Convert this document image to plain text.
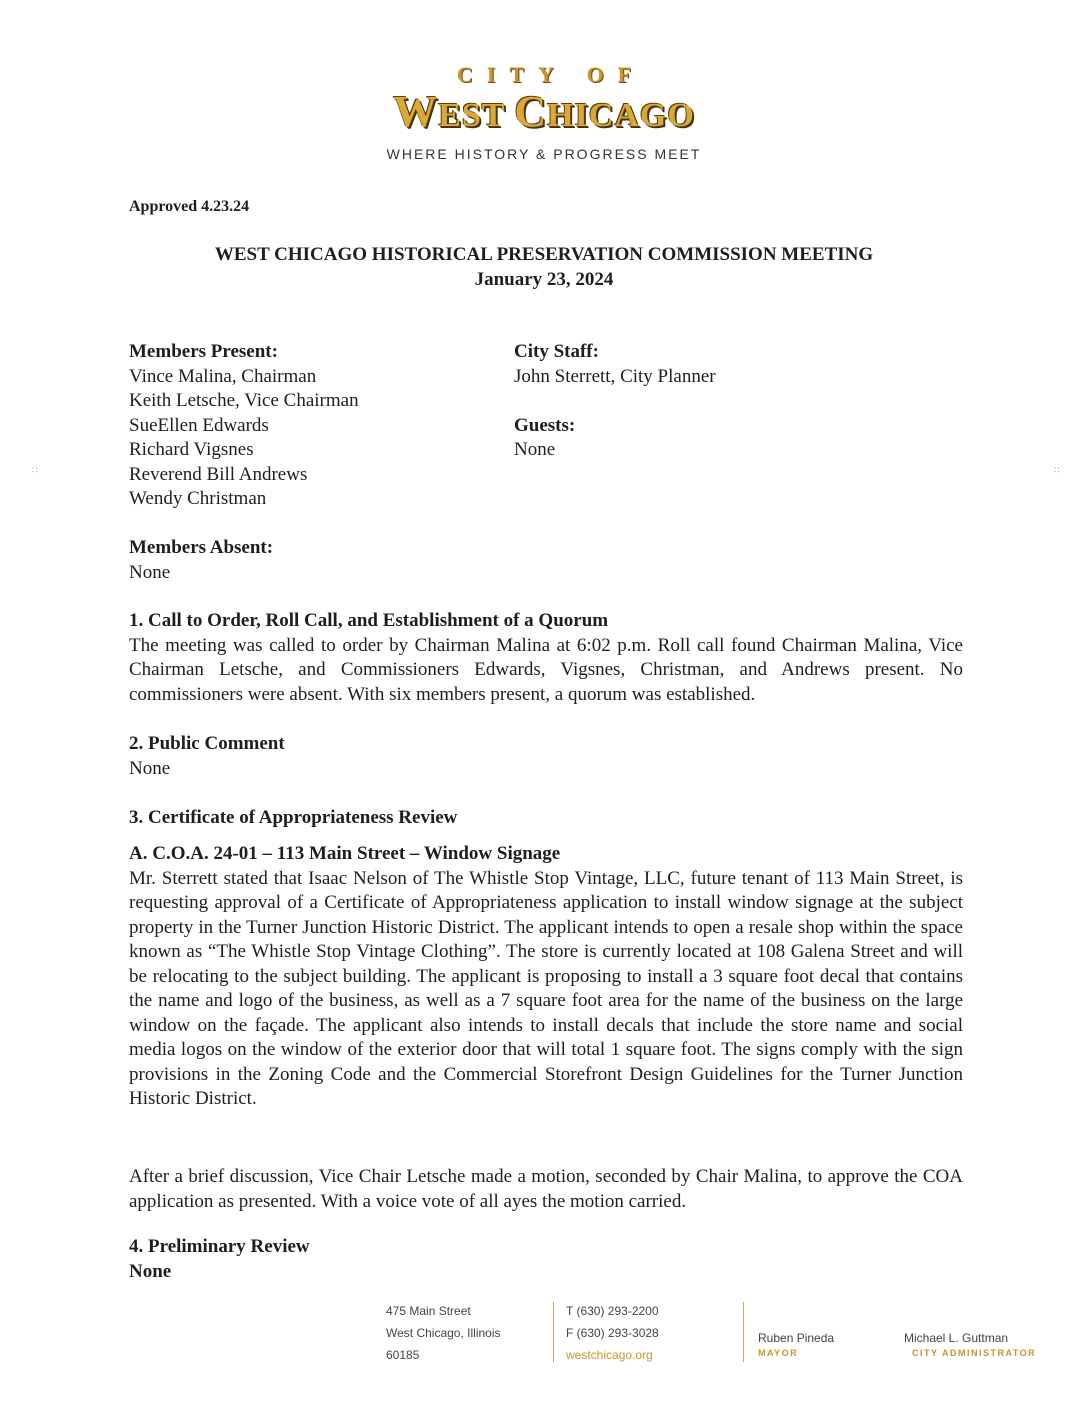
CITY OF
WEST CHICAGO
WHERE HISTORY & PROGRESS MEET
Approved 4.23.24
WEST CHICAGO HISTORICAL PRESERVATION COMMISSION MEETING
January 23, 2024
Members Present:
Vince Malina, Chairman
Keith Letsche, Vice Chairman
SueEllen Edwards
Richard Vigsnes
Reverend Bill Andrews
Wendy Christman
City Staff:
John Sterrett, City Planner
Guests:
None
Members Absent:
None
1. Call to Order, Roll Call, and Establishment of a Quorum
The meeting was called to order by Chairman Malina at 6:02 p.m. Roll call found Chairman Malina, Vice Chairman Letsche, and Commissioners Edwards, Vigsnes, Christman, and Andrews present. No commissioners were absent. With six members present, a quorum was established.
2. Public Comment
None
3. Certificate of Appropriateness Review
A. C.O.A. 24-01 – 113 Main Street – Window Signage
Mr. Sterrett stated that Isaac Nelson of The Whistle Stop Vintage, LLC, future tenant of 113 Main Street, is requesting approval of a Certificate of Appropriateness application to install window signage at the subject property in the Turner Junction Historic District. The applicant intends to open a resale shop within the space known as “The Whistle Stop Vintage Clothing”. The store is currently located at 108 Galena Street and will be relocating to the subject building. The applicant is proposing to install a 3 square foot decal that contains the name and logo of the business, as well as a 7 square foot area for the name of the business on the large window on the façade. The applicant also intends to install decals that include the store name and social media logos on the window of the exterior door that will total 1 square foot. The signs comply with the sign provisions in the Zoning Code and the Commercial Storefront Design Guidelines for the Turner Junction Historic District.
After a brief discussion, Vice Chair Letsche made a motion, seconded by Chair Malina, to approve the COA application as presented. With a voice vote of all ayes the motion carried.
4. Preliminary Review
None
∷	∷
475 Main Street
West Chicago, Illinois
60185
T (630) 293-2200
F (630) 293-3028
westchicago.org
Ruben Pineda
MAYOR
Michael L. Guttman
CITY ADMINISTRATOR
